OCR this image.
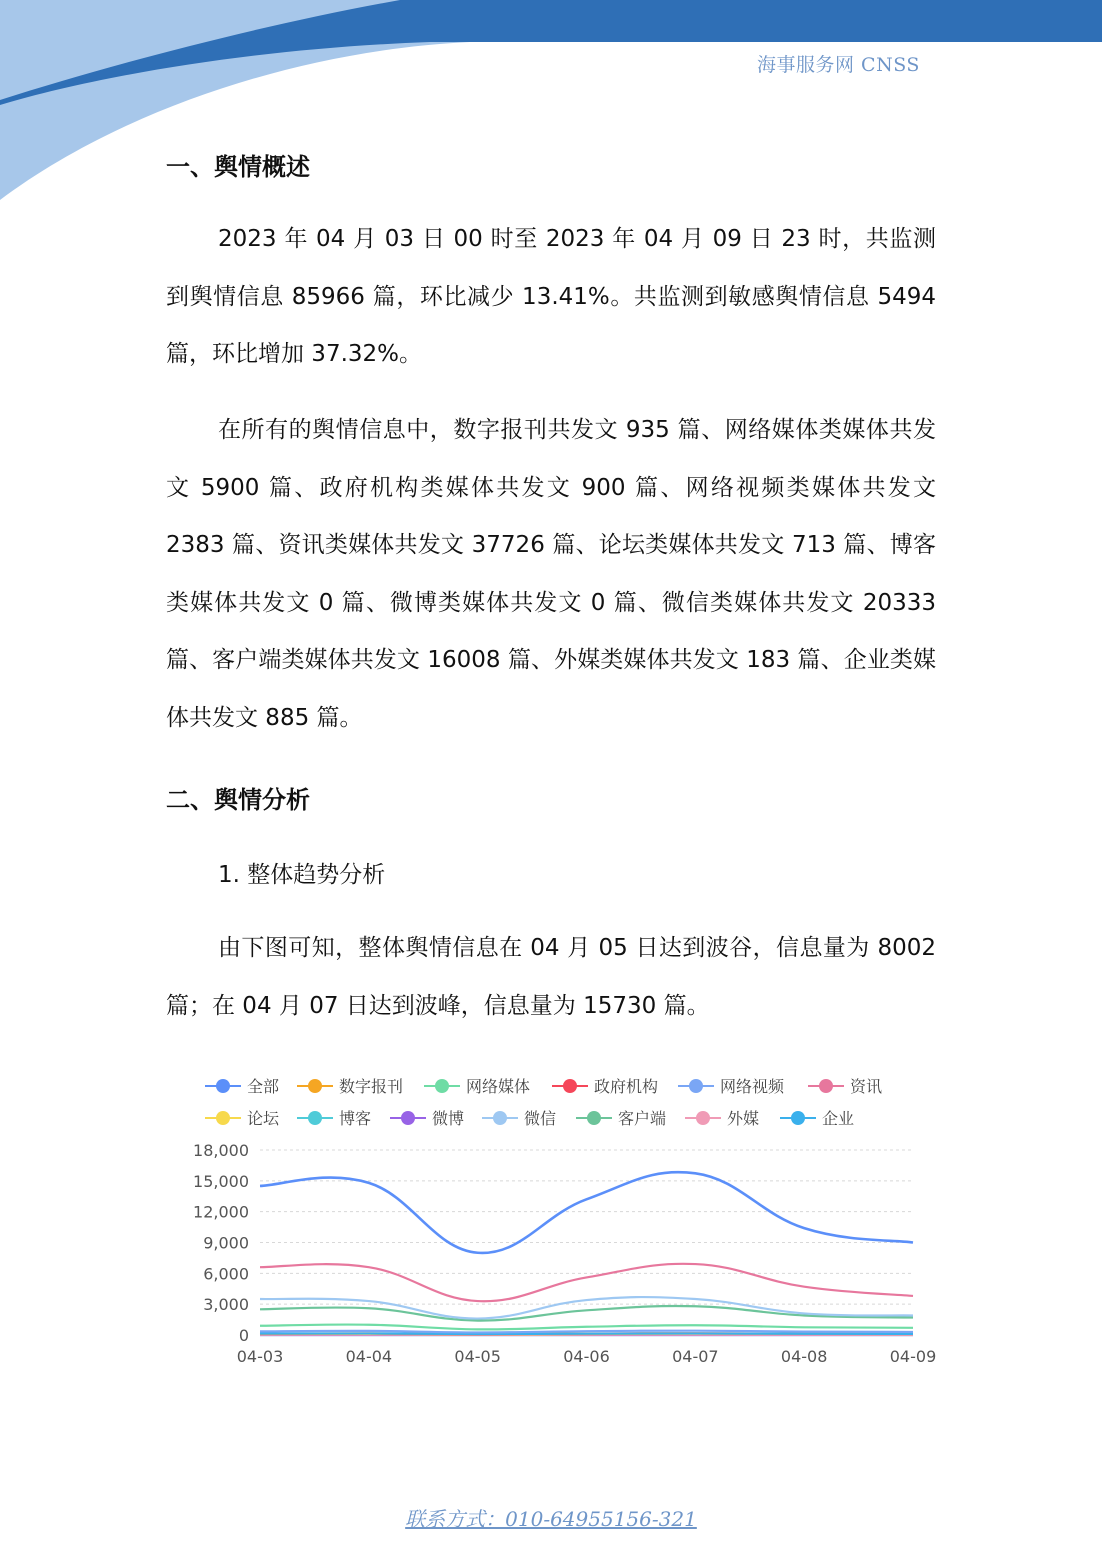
海事服务网 CNSS
一、舆情概述

2023 年 04 月 03 日 00 时至 2023 年 04 月 09 日 23 时，共监测到舆情信息 85966 篇，环比减少 13.41%。共监测到敏感舆情信息 5494 篇，环比增加 37.32%。

在所有的舆情信息中，数字报刊共发文 935 篇、网络媒体类媒体共发文 5900 篇、政府机构类媒体共发文 900 篇、网络视频类媒体共发文 2383 篇、资讯类媒体共发文 37726 篇、论坛类媒体共发文 713 篇、博客类媒体共发文 0 篇、微博类媒体共发文 0 篇、微信类媒体共发文 20333 篇、客户端类媒体共发文 16008 篇、外媒类媒体共发文 183 篇、企业类媒体共发文 885 篇。

二、舆情分析
1. 整体趋势分析

由下图可知，整体舆情信息在 04 月 05 日达到波谷，信息量为 8002 篇；在 04 月 07 日达到波峰，信息量为 15730 篇。

全部	数字报刊	网络媒体	政府机构	网络视频	资讯
论坛	博客	微博	微信	客户端	外媒	企业
0
3,000
6,000
9,000
12,000
15,000
18,000
04-03	04-04	04-05	04-06	04-07	04-08	04-09
联系方式：010-64955156-321
